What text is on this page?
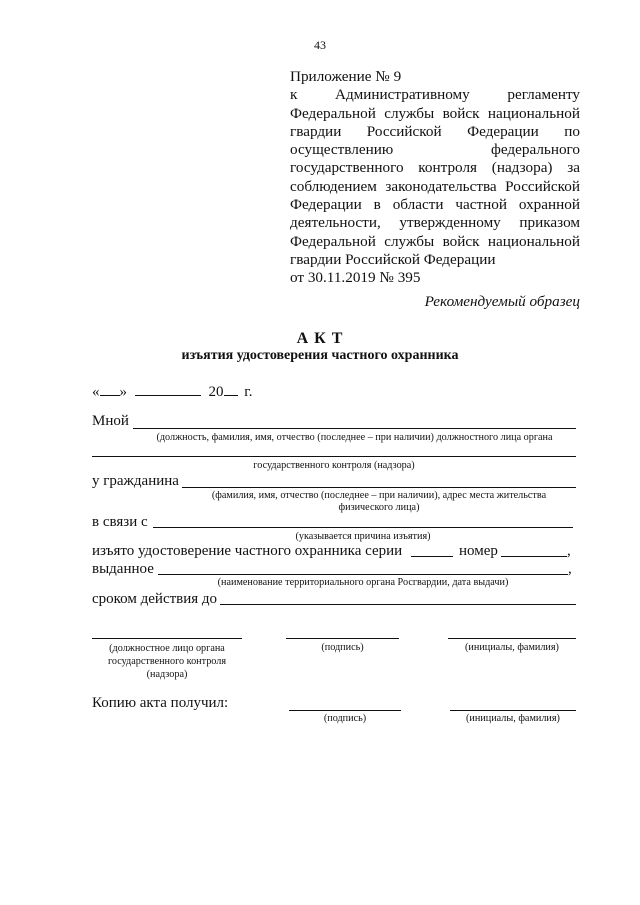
43
Приложение № 9
к Административному регламенту
Федеральной службы войск национальной
гвардии Российской Федерации по
осуществлению федерального
государственного контроля (надзора) за
соблюдением законодательства Российской
Федерации в области частной охранной
деятельности, утвержденному приказом
Федеральной службы войск национальной
гвардии Российской Федерации
от 30.11.2019 № 395
Рекомендуемый образец
А К Т
изъятия удостоверения частного охранника
« »	20 г.
Мной
(должность, фамилия, имя, отчество (последнее – при наличии) должностного лица органа
государственного контроля (надзора)
у гражданина
(фамилия, имя, отчество (последнее – при наличии), адрес места жительства
физического лица)
в связи с
(указывается причина изъятия)
изъято удостоверение частного охранника серии	номер	,
выданное	,
(наименование территориального органа Росгвардии, дата выдачи)
сроком действия до
(должностное лицо органа государственного контроля (надзора)
(подпись)	(инициалы, фамилия)
Копию акта получил:
(подпись)	(инициалы, фамилия)
